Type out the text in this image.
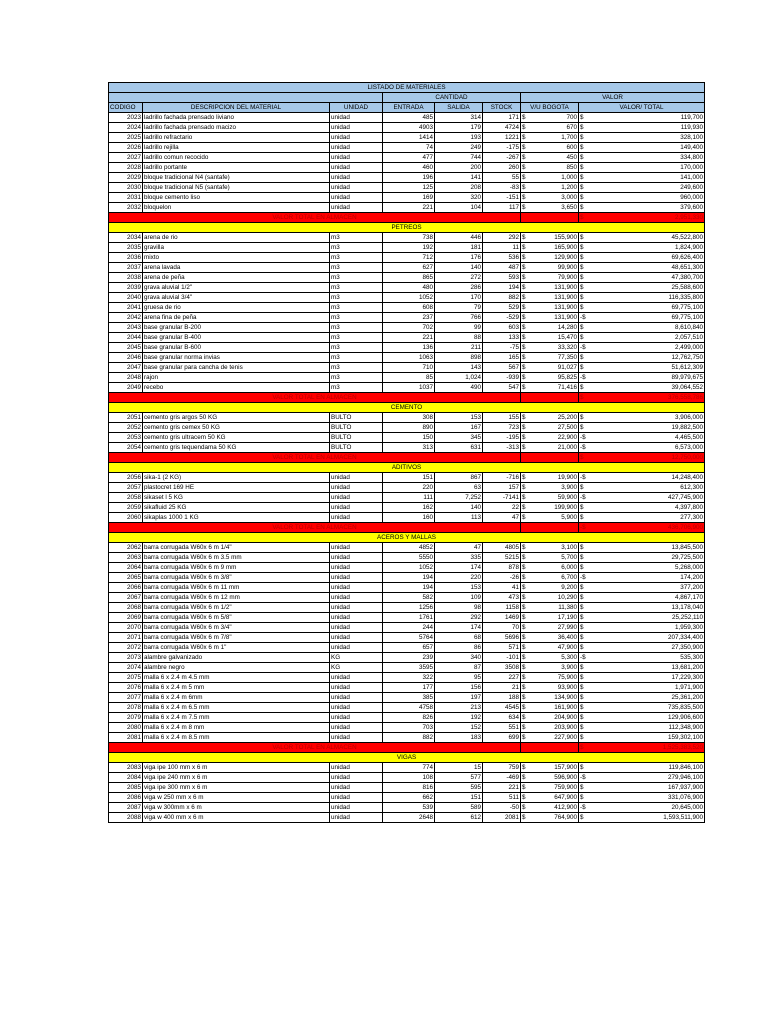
LISTADO DE MATERIALES							
			CANTIDAD			VALOR	
CODIGO	DESCRIPCION DEL MATERIAL	UNIDAD	ENTRADA	SALIDA	STOCK	V/U BOGOTA	VALOR/ TOTAL
2023	ladrillo fachada prensado liviano	unidad	485	314	171	$ 700	$ 119,700

2024	ladrillo fachada prensado macizo	unidad	4903	179	4724	$ 670	$ 119,930

2025	ladrillo refractario	unidad	1414	193	1221	$ 1,700	$ 328,100

2026	ladrillo rejilla	unidad	74	249	-175	$ 600	$ 149,400

2027	ladrillo comun recocido	unidad	477	744	-267	$ 450	$ 334,800

2028	ladrillo portante	unidad	460	200	260	$ 850	$ 170,000

2029	bloque tradicional N4 (santafe)	unidad	196	141	55	$ 1,000	$ 141,000

2030	bloque tradicional N5 (santafe)	unidad	125	208	-83	$ 1,200	$ 249,600

2031	bloque cemento liso	unidad	169	320	-151	$ 3,000	$ 960,000

2032	bloquelon	unidad	221	104	117	$ 3,650	$ 379,600

VALOR TOTAL EN ALMACEN							$ 2,951,330

PETREOS							
2034	arena de rio	m3	738	446	292	$ 155,900	$ 45,522,800

2035	gravilla	m3	192	181	11	$ 165,900	$ 1,824,900

2036	mixto	m3	712	176	536	$ 129,900	$ 69,626,400

2037	arena lavada	m3	627	140	487	$ 99,900	$ 48,651,300

2038	arena de peña	m3	865	272	593	$ 79,900	$ 47,380,700

2039	grava aluvial 1/2"	m3	480	286	194	$ 131,900	$ 25,588,600

2040	grava aluvial 3/4"	m3	1052	170	882	$ 131,900	$ 116,335,800

2041	gruesa de rio	m3	608	79	529	$ 131,900	$ 69,775,100

2042	arena fina de peña	m3	237	766	-529	$ 131,900	-$ 69,775,100

2043	base granular B-200	m3	702	99	603	$ 14,280	$ 8,610,840

2044	base granular B-400	m3	221	88	133	$ 15,470	$ 2,057,510

2045	base granular B-600	m3	136	211	-75	$ 33,320	-$ 2,499,000

2046	base granular norma invias	m3	1063	898	165	$ 77,350	$ 12,762,750

2047	base granular para cancha de tenis	m3	710	143	567	$ 91,027	$ 51,612,309

2048	rajon	m3	85	1,024	-939	$ 95,825	-$ 89,979,675

2049	recebo	m3	1037	490	547	$ 71,416	$ 39,064,552

VALOR TOTAL EN ALMACEN							$ 376,558,786

CEMENTO							
2051	cemento gris argos 50 KG	BULTO	308	153	155	$ 25,200	$ 3,906,000

2052	cemento gris cemex 50 KG	BULTO	890	167	723	$ 27,500	$ 19,882,500

2053	cemento gris ultracem 50 KG	BULTO	150	345	-195	$ 22,900	-$ 4,465,500

2054	cemento gris tequendama 50 KG	BULTO	313	631	-313	$ 21,000	-$ 6,573,000

VALOR TOTAL EN ALMACEN							$ 12,750,000

ADITIVOS							
2056	sika-1 (2 KG)	unidad	151	867	-716	$ 19,900	-$ 14,248,400

2057	plastocret 169 HE	unidad	220	63	157	$ 3,900	$ 612,300

2058	sikaset l 5 KG	unidad	111	7,252	-7141	$ 59,900	-$ 427,745,900

2059	sikafluid 25 KG	unidad	162	140	22	$ 199,900	$ 4,397,800

2060	sikaplas 1000 1 KG	unidad	160	113	47	$ 5,900	$ 277,300

VALOR TOTAL EN ALMACEN							-$ 436,706,900

ACEROS Y MALLAS							
2062	barra corrugada W60x 6 m 1/4"	unidad	4852	47	4805	$ 3,100	$ 13,845,500

2063	barra corrugada W60x 6 m 3.5 mm	unidad	5550	335	5215	$ 5,700	$ 29,725,500

2064	barra corrugada W60x 6 m 9 mm	unidad	1052	174	878	$ 6,000	$ 5,268,000

2065	barra corrugada W60x 6 m 3/8"	unidad	194	220	-26	$ 6,700	-$ 174,200

2066	barra corrugada W60x 6 m 11 mm	unidad	194	153	41	$ 9,200	$ 377,200

2067	barra corrugada W60x 6 m 12 mm	unidad	582	109	473	$ 10,290	$ 4,867,170

2068	barra corrugada W60x 6 m 1/2"	unidad	1256	98	1158	$ 11,380	$ 13,178,040

2069	barra corrugada W60x 6 m 5/8"	unidad	1761	292	1469	$ 17,190	$ 25,252,110

2070	barra corrugada W60x 6 m 3/4"	unidad	244	174	70	$ 27,990	$ 1,959,300

2071	barra corrugada W60x 6 m 7/8"	unidad	5764	68	5696	$ 36,400	$ 207,334,400

2072	barra corrugada W60x 6 m 1"	unidad	657	86	571	$ 47,900	$ 27,350,900

2073	alambre galvanizado	KG	239	340	-101	$ 5,300	-$ 535,300

2074	alambre negro	KG	3595	87	3508	$ 3,900	$ 13,681,200

2075	malla 6 x 2.4 m 4.5 mm	unidad	322	95	227	$ 75,900	$ 17,229,300

2076	malla 6 x 2.4 m 5 mm	unidad	177	156	21	$ 93,900	$ 1,971,900

2077	malla 6 x 2.4 m 6mm	unidad	385	197	188	$ 134,900	$ 25,361,200

2078	malla 6 x 2.4 m 6.5 mm	unidad	4758	213	4545	$ 161,900	$ 735,835,500

2079	malla 6 x 2.4 m 7.5 mm	unidad	826	192	634	$ 204,900	$ 129,906,600

2080	malla 6 x 2.4 m 8 mm	unidad	703	152	551	$ 203,900	$ 112,348,900

2081	malla 6 x 2.4 m 8.5 mm	unidad	882	183	699	$ 227,900	$ 159,302,100

VALOR TOTAL EN ALMACEN							$ 1,525,383,520

VIGAS							
2083	viga ipe 100 mm x 6 m	unidad	774	15	759	$ 157,900	$ 119,846,100

2084	viga ipe 240 mm x 6 m	unidad	108	577	-469	$ 596,900	-$ 279,946,100

2085	viga ipe 300 mm x 6 m	unidad	816	595	221	$ 759,900	$ 167,937,900

2086	viga w 250 mm x 6 m	unidad	662	151	511	$ 647,900	$ 331,076,900

2087	viga w 300mm x 6 m	unidad	539	589	-50	$ 412,900	-$ 20,645,000

2088	viga w 400 mm x 6 m	unidad	2648	612	2081	$ 764,900	$ 1,593,511,900
